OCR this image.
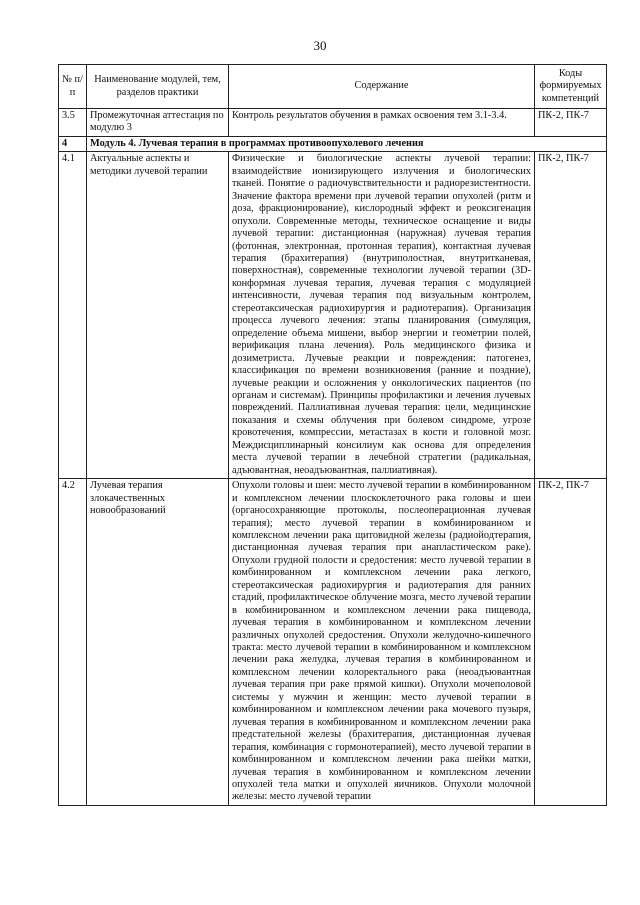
30
№ п/п	Наименование модулей, тем, разделов практики	Содержание	Коды формируемых компетенций
3.5	Промежуточная аттестация по модулю 3	Контроль результатов обучения в рамках освоения тем 3.1-3.4.	ПК-2, ПК-7
4	Модуль 4. Лучевая терапия в программах противоопухолевого лечения		
4.1	Актуальные аспекты и методики лучевой терапии	Физические и биологические аспекты лучевой терапии: взаимодействие ионизирующего излучения и биологических тканей. Понятие о радиочувствительности и радиорезистентности. Значение фактора времени при лучевой терапии опухолей (ритм и доза, фракционирование), кислородный эффект и реоксигенация опухоли. Современные методы, техническое оснащение и виды лучевой терапии: дистанционная (наружная) лучевая терапия (фотонная, электронная, протонная терапия), контактная лучевая терапия (брахитерапия) (внутриполостная, внутритканевая, поверхностная), современные технологии лучевой терапии (3D-конформная лучевая терапия, лучевая терапия с модуляцией интенсивности, лучевая терапия под визуальным контролем, стереотаксическая радиохирургия и радиотерапия). Организация процесса лучевого лечения: этапы планирования (симуляция, определение объема мишени, выбор энергии и геометрии полей, верификация плана лечения). Роль медицинского физика и дозиметриста. Лучевые реакции и повреждения: патогенез, классификация по времени возникновения (ранние и поздние), лучевые реакции и осложнения у онкологических пациентов (по органам и системам). Принципы профилактики и лечения лучевых повреждений. Паллиативная лучевая терапия: цели, медицинские показания и схемы облучения при болевом синдроме, угрозе кровотечения, компрессии, метастазах в кости и головной мозг. Междисциплинарный консилиум как основа для определения места лучевой терапии в лечебной стратегии (радикальная, адъювантная, неоадъювантная, паллиативная).	ПК-2, ПК-7
4.2	Лучевая терапия злокачественных новообразований	Опухоли головы и шеи: место лучевой терапии в комбинированном и комплексном лечении плоскоклеточного рака головы и шеи (органосохраняющие протоколы, послеоперационная лучевая терапия); место лучевой терапии в комбинированном и комплексном лечении рака щитовидной железы (радиойодтерапия, дистанционная лучевая терапия при анапластическом раке). Опухоли грудной полости и средостения: место лучевой терапии в комбинированном и комплексном лечении рака легкого, стереотаксическая радиохирургия и радиотерапия для ранних стадий, профилактическое облучение мозга, место лучевой терапии в комбинированном и комплексном лечении рака пищевода, лучевая терапия в комбинированном и комплексном лечении различных опухолей средостения. Опухоли желудочно-кишечного тракта: место лучевой терапии в комбинированном и комплексном лечении рака желудка, лучевая терапия в комбинированном и комплексном лечении колоректального рака (неоадъювантная лучевая терапия при раке прямой кишки). Опухоли мочеполовой системы у мужчин и женщин: место лучевой терапии в комбинированном и комплексном лечении рака мочевого пузыря, лучевая терапия в комбинированном и комплексном лечении рака предстательной железы (брахитерапия, дистанционная лучевая терапия, комбинация с гормонотерапией), место лучевой терапии в комбинированном и комплексном лечении рака шейки матки, лучевая терапия в комбинированном и комплексном лечении опухолей тела матки и опухолей яичников. Опухоли молочной железы: место лучевой терапии	ПК-2, ПК-7
